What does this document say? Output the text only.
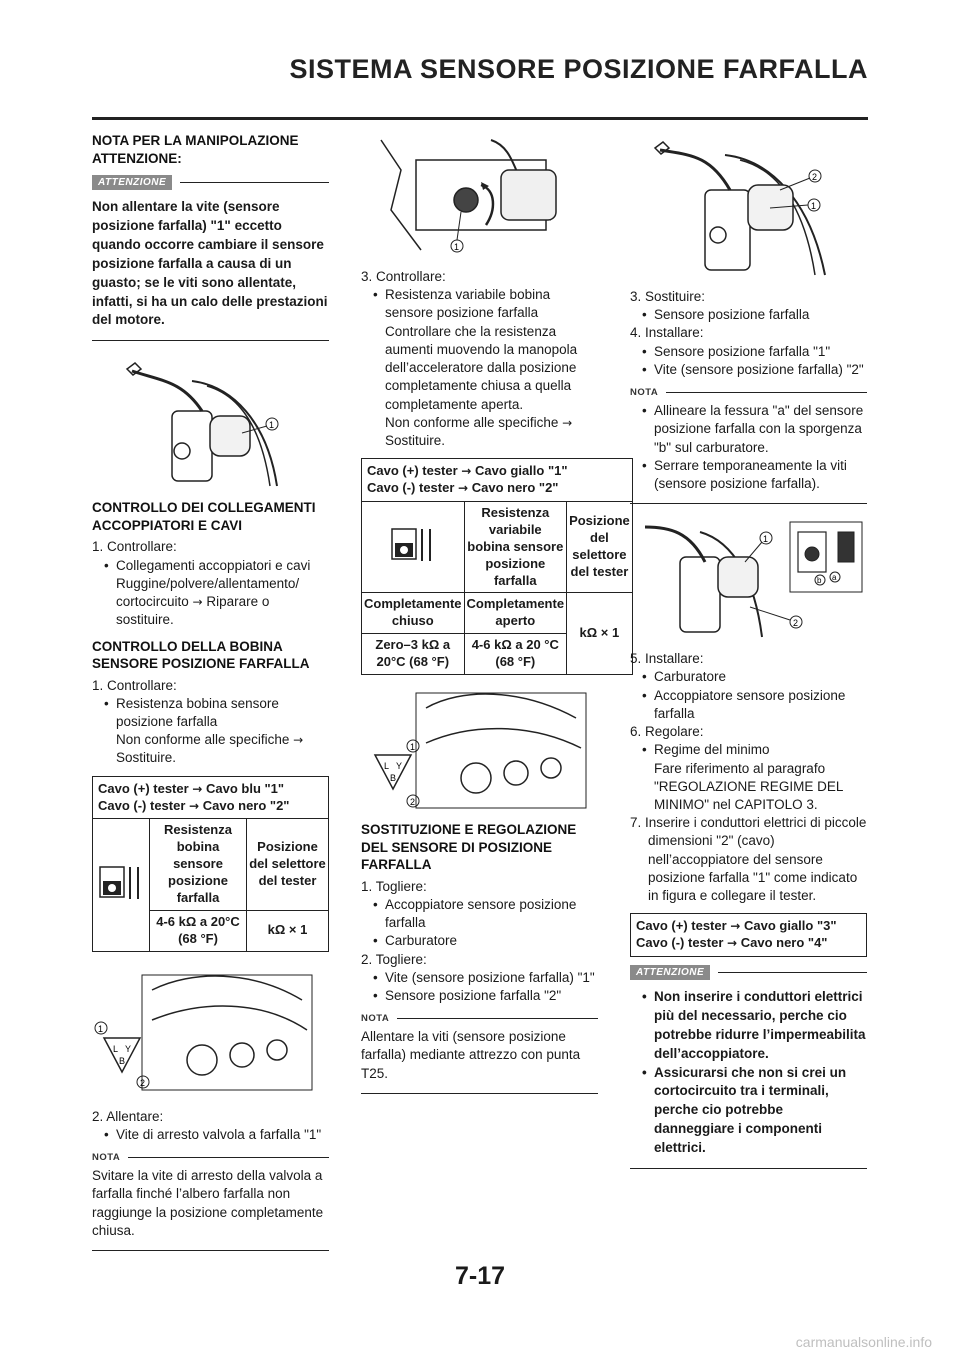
SISTEMA SENSORE POSIZIONE FARFALLA
NOTA PER LA MANIPOLAZIONE ATTENZIONE:
ATTENZIONE
Non allentare la vite (sensore posizione farfalla) "1" eccetto quando occorre cambiare il sensore posizione farfalla a causa di un guasto; se le viti sono allentate, infatti, si ha un calo delle prestazioni del motore.
1
CONTROLLO DEI COLLEGAMENTI ACCOPPIATORI E CAVI

1. Controllare:

• Collegamenti accoppiatori e cavi

Ruggine/polvere/allentamento/
cortocircuito → Riparare o sostituire.

CONTROLLO DELLA BOBINA SENSORE POSIZIONE FARFALLA

1. Controllare:

• Resistenza bobina sensore posizione farfalla

Non conforme alle specifiche →
Sostituire.

Cavo (+) tester → Cavo blu "1"
Cavo (-) tester → Cavo nero "2"		
	Resistenza bobina sensore posizione farfalla	Posizione del selettore del tester
	4-6 kΩ a 20°C (68 °F)	kΩ × 1
1
L Y
B
2

2. Allentare:

• Vite di arresto valvola a farfalla "1"

NOTA

Svitare la vite di arresto della valvola a farfalla finché l’albero farfalla non raggiunge la posizione completamente chiusa.

1

3. Controllare:

• Resistenza variabile bobina sensore posizione farfalla

Controllare che la resistenza aumenti muovendo la manopola dell’acceleratore dalla posizione completamente chiusa a quella completamente aperta.

Non conforme alle specifiche →
Sostituire.

Cavo (+) tester → Cavo giallo "1"
Cavo (-) tester → Cavo nero "2"		
	Resistenza variabile bobina sensore posizione farfalla	Posizione del selettore del tester
Completamente chiuso	Completamente aperto	kΩ × 1
Zero–3 kΩ a 20°C (68 °F)	4-6 kΩ a 20 °C (68 °F)	
1
L Y
B
2
SOSTITUZIONE E REGOLAZIONE DEL SENSORE DI POSIZIONE FARFALLA

1. Togliere:

• Accoppiatore sensore posizione farfalla

• Carburatore

2. Togliere:

• Vite (sensore posizione farfalla) "1"

• Sensore posizione farfalla "2"

NOTA

Allentare la viti (sensore posizione farfalla) mediante attrezzo con punta T25.

2
1

3. Sostituire:

• Sensore posizione farfalla

4. Installare:

• Sensore posizione farfalla "1"

• Vite (sensore posizione farfalla) "2"

NOTA

• Allineare la fessura "a" del sensore posizione farfalla con la sporgenza "b" sul carburatore.

• Serrare temporaneamente la viti (sensore posizione farfalla).

1
b a
2

5. Installare:

• Carburatore

• Accoppiatore sensore posizione farfalla

6. Regolare:

• Regime del minimo

Fare riferimento al paragrafo "REGOLAZIONE REGIME DEL MINIMO" nel CAPITOLO 3.

7. Inserire i conduttori elettrici di piccole dimensioni "2" (cavo) nell’accoppiatore del sensore posizione farfalla "1" come indicato in figura e collegare il tester.

Cavo (+) tester → Cavo giallo "3"
Cavo (-) tester → Cavo nero "4"
ATTENZIONE

• Non inserire i conduttori elettrici più del necessario, perche cio potrebbe ridurre l’impermeabilita dell’accoppiatore.

• Assicurarsi che non si crei un cortocircuito tra i terminali, perche cio potrebbe danneggiare i componenti elettrici.

7-17
carmanualsonline.info
